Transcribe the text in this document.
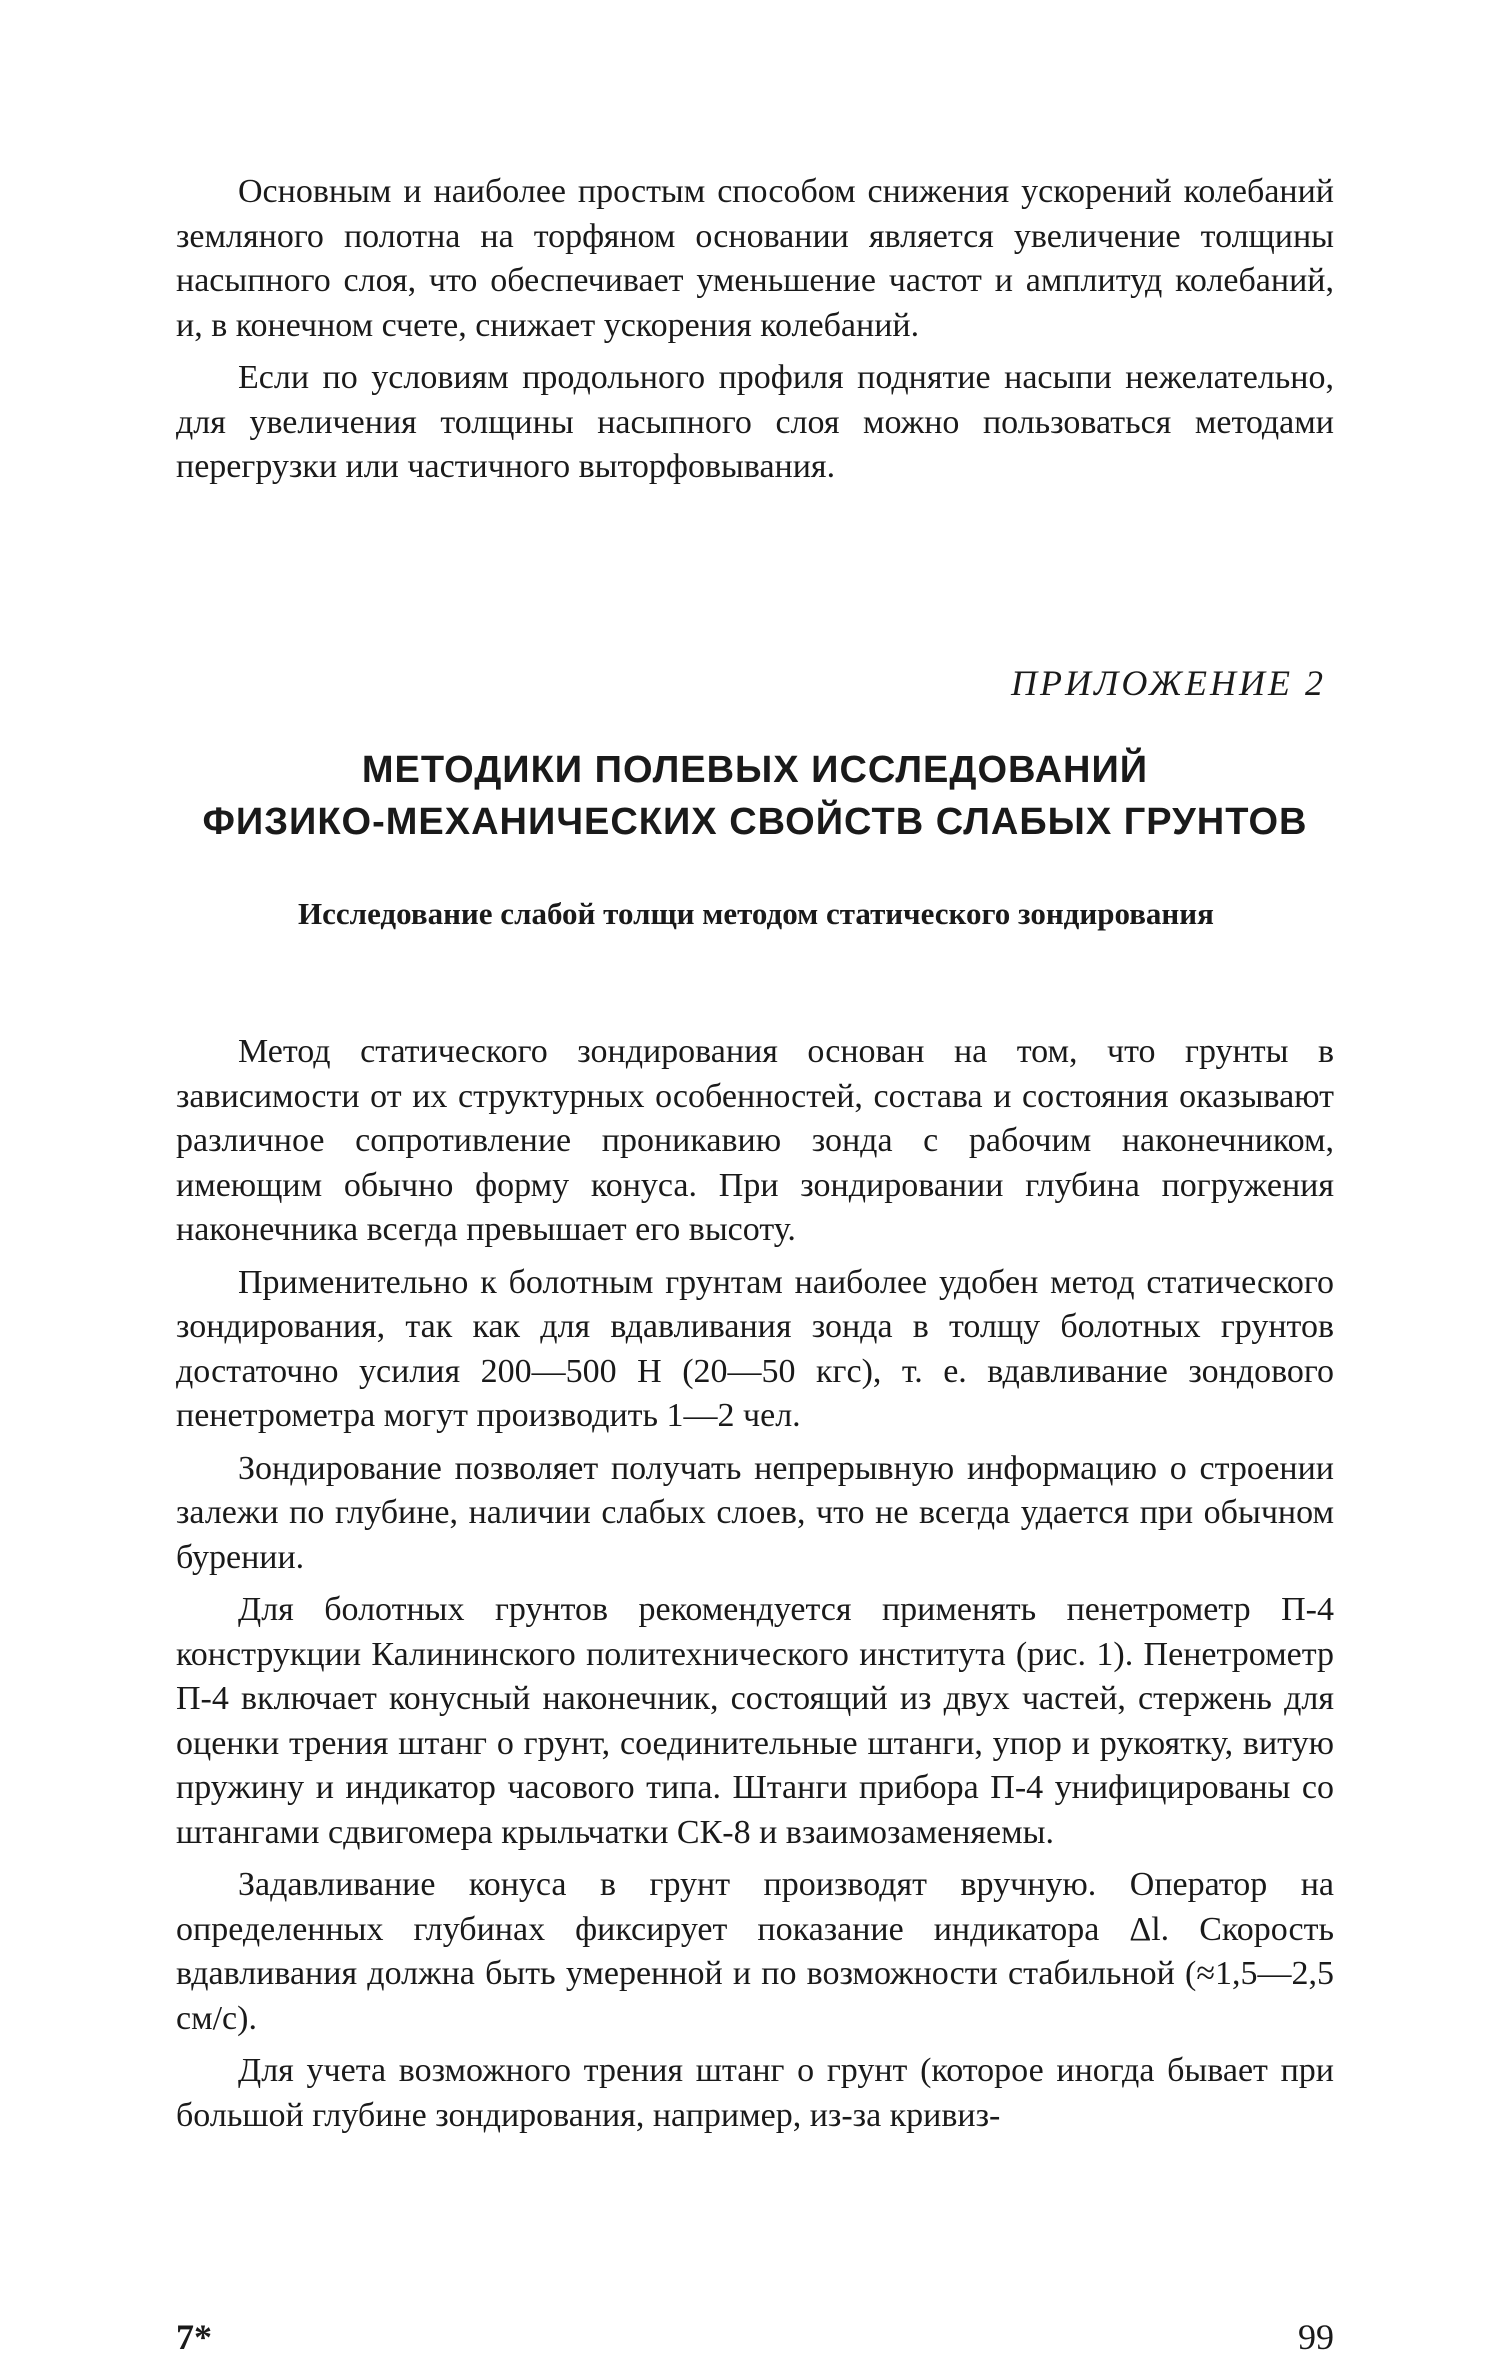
Основным и наиболее простым способом снижения ускорений колебаний земляного полотна на торфяном основании является увеличение толщины насыпного слоя, что обеспечивает уменьшение частот и амплитуд колебаний, и, в конечном счете, снижает ускорения колебаний.

Если по условиям продольного профиля поднятие насыпи нежелательно, для увеличения толщины насыпного слоя можно пользоваться методами перегрузки или частичного выторфовывания.

ПРИЛОЖЕНИЕ 2

МЕТОДИКИ ПОЛЕВЫХ ИССЛЕДОВАНИЙ
ФИЗИКО-МЕХАНИЧЕСКИХ СВОЙСТВ СЛАБЫХ ГРУНТОВ
Исследование слабой толщи методом статического зондирования

Метод статического зондирования основан на том, что грунты в зависимости от их структурных особенностей, состава и состояния оказывают различное сопротивление проникавию зонда с рабочим наконечником, имеющим обычно форму конуса. При зондировании глубина погружения наконечника всегда превышает его высоту.

Применительно к болотным грунтам наиболее удобен метод статического зондирования, так как для вдавливания зонда в толщу болотных грунтов достаточно усилия 200—500 Н (20—50 кгс), т. е. вдавливание зондового пенетрометра могут производить 1—2 чел.

Зондирование позволяет получать непрерывную информацию о строении залежи по глубине, наличии слабых слоев, что не всегда удается при обычном бурении.

Для болотных грунтов рекомендуется применять пенетрометр П-4 конструкции Калининского политехнического института (рис. 1). Пенетрометр П-4 включает конусный наконечник, состоящий из двух частей, стержень для оценки трения штанг о грунт, соединительные штанги, упор и рукоятку, витую пружину и индикатор часового типа. Штанги прибора П-4 унифицированы со штангами сдвигомера крыльчатки СК-8 и взаимозаменяемы.

Задавливание конуса в грунт производят вручную. Оператор на определенных глубинах фиксирует показание индикатора Δl. Скорость вдавливания должна быть умеренной и по возможности стабильной (≈1,5—2,5 см/с).

Для учета возможного трения штанг о грунт (которое иногда бывает при большой глубине зондирования, например, из-за кривиз-

7*	99
